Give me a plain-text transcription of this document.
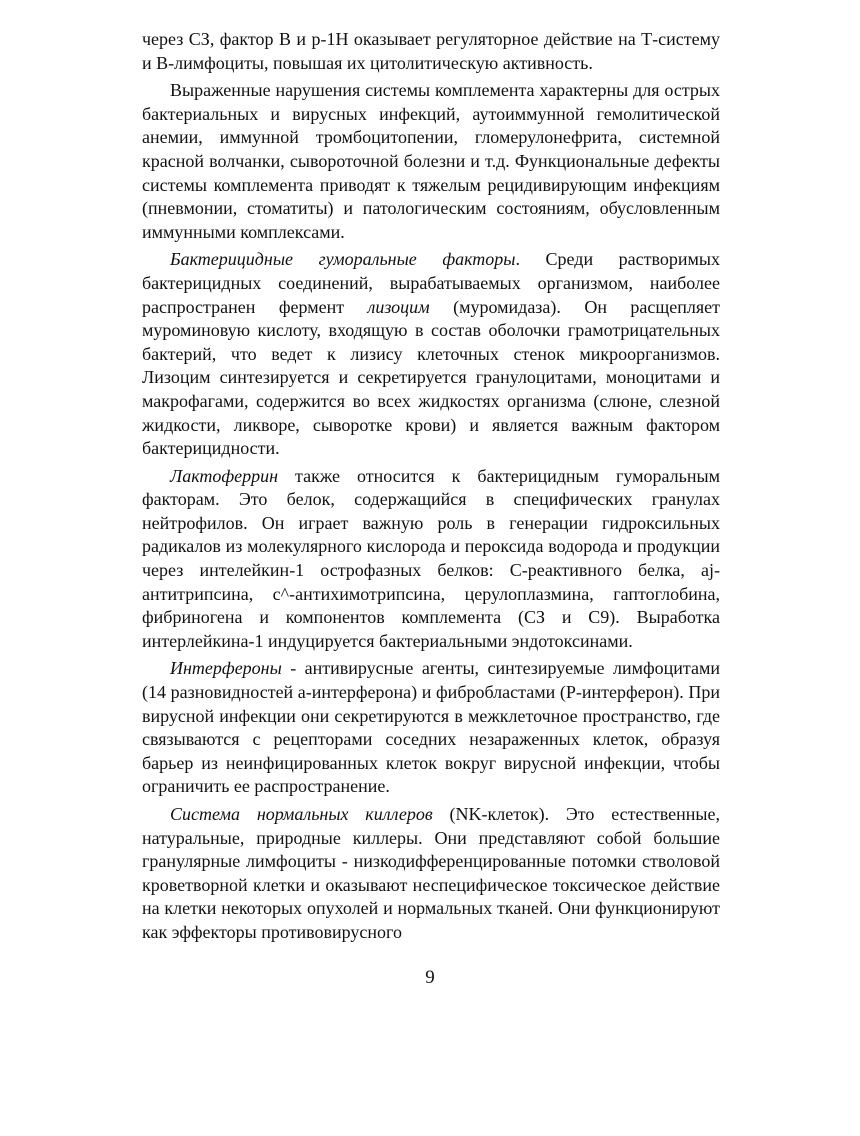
через СЗ, фактор В и р-1Н оказывает регуляторное действие на Т-систему и В-лимфоциты, повышая их цитолитическую активность.

Выраженные нарушения системы комплемента характерны для острых бактериальных и вирусных инфекций, аутоиммунной гемолитической анемии, иммунной тромбоцитопении, гломерулонефрита, системной красной волчанки, сывороточной болезни и т.д. Функциональные дефекты системы комплемента приводят к тяжелым рецидивирующим инфекциям (пневмонии, стоматиты) и патологическим состояниям, обусловленным иммунными комплексами.

Бактерицидные гуморальные факторы. Среди растворимых бактерицидных соединений, вырабатываемых организмом, наиболее распространен фермент лизоцим (муромидаза). Он расщепляет муроминовую кислоту, входящую в состав оболочки грамотрицательных бактерий, что ведет к лизису клеточных стенок микроорганизмов. Лизоцим синтезируется и секретируется гранулоцитами, моноцитами и макрофагами, содержится во всех жидкостях организма (слюне, слезной жидкости, ликворе, сыворотке крови) и является важным фактором бактерицидности.

Лактоферрин также относится к бактерицидным гуморальным факторам. Это белок, содержащийся в специфических гранулах нейтрофилов. Он играет важную роль в генерации гидроксильных радикалов из молекулярного кислорода и пероксида водорода и продукции через интелейкин-1 острофазных белков: С-реактивного белка, aj-антитрипсина, с^-антихимотрипсина, церулоплазмина, гаптоглобина, фибриногена и компонентов комплемента (СЗ и С9). Выработка интерлейкина-1 индуцируется бактериальными эндотоксинами.

Интерфероны - антивирусные агенты, синтезируемые лимфоцитами (14 разновидностей а-интерферона) и фибробластами (Р-интерферон). При вирусной инфекции они секретируются в межклеточное пространство, где связываются с рецепторами соседних незараженных клеток, образуя барьер из неинфицированных клеток вокруг вирусной инфекции, чтобы ограничить ее распространение.

Система нормальных киллеров (NK-клеток). Это естественные, натуральные, природные киллеры. Они представляют собой большие гранулярные лимфоциты - низкодифференцированные потомки стволовой кроветворной клетки и оказывают неспецифическое токсическое действие на клетки некоторых опухолей и нормальных тканей. Они функционируют как эффекторы противовирусного

9
